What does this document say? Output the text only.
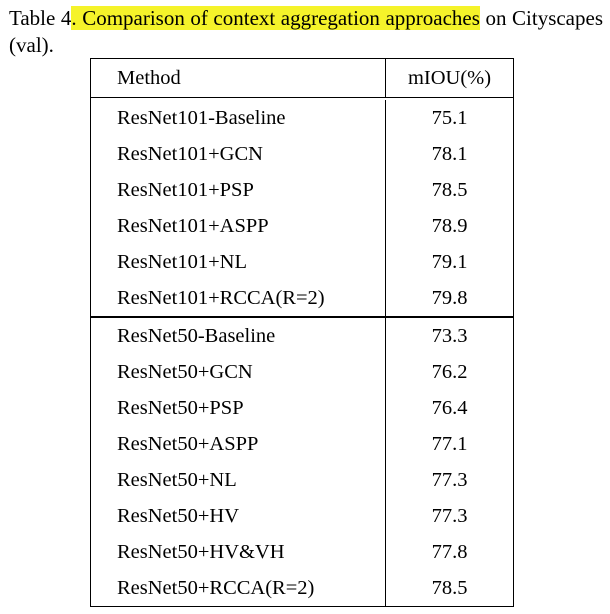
Table 4. Comparison of context aggregation approaches on Cityscapes (val).

Method	mIOU(%)
ResNet101-Baseline	75.1
ResNet101+GCN	78.1
ResNet101+PSP	78.5
ResNet101+ASPP	78.9
ResNet101+NL	79.1
ResNet101+RCCA(R=2)	79.8
ResNet50-Baseline	73.3
ResNet50+GCN	76.2
ResNet50+PSP	76.4
ResNet50+ASPP	77.1
ResNet50+NL	77.3
ResNet50+HV	77.3
ResNet50+HV&VH	77.8
ResNet50+RCCA(R=2)	78.5
